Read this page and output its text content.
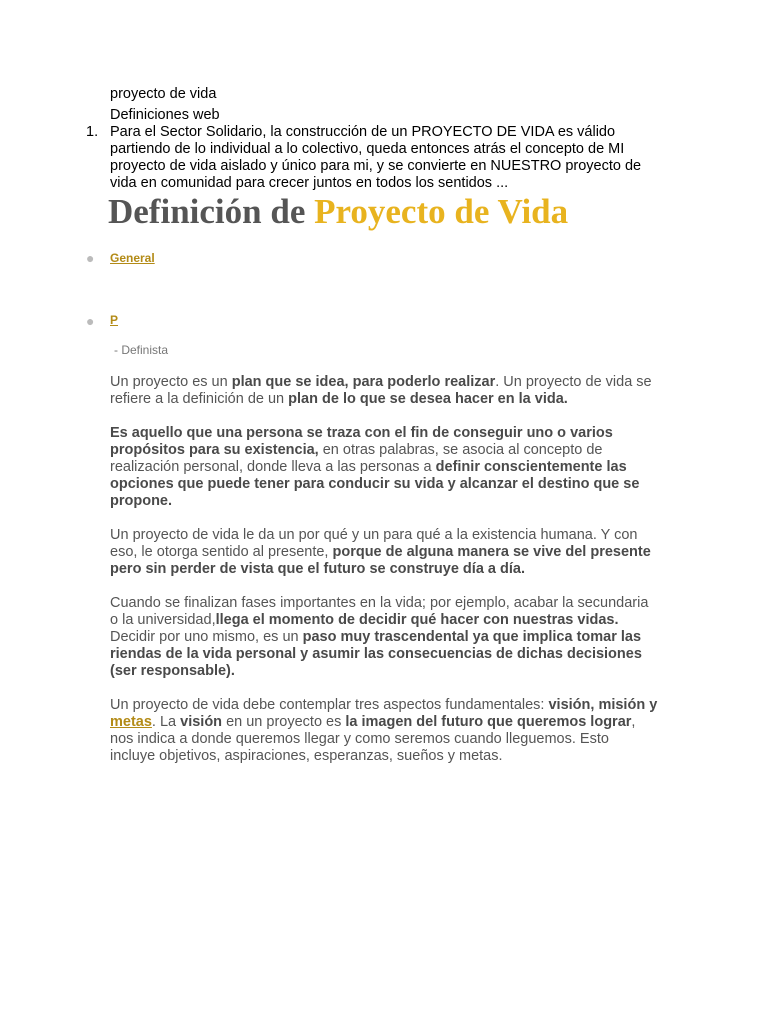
proyecto de vida

Definiciones web

1. Para el Sector Solidario, la construcción de un PROYECTO DE VIDA es válido partiendo de lo individual a lo colectivo, queda entonces atrás el concepto de MI proyecto de vida aislado y único para mi, y se convierte en NUESTRO proyecto de vida en comunidad para crecer juntos en todos los sentidos ...
Definición de Proyecto de Vida
● General
● P
- Definista

Un proyecto es un plan que se idea, para poderlo realizar. Un proyecto de vida se refiere a la definición de un plan de lo que se desea hacer en la vida.

Es aquello que una persona se traza con el fin de conseguir uno o varios propósitos para su existencia, en otras palabras, se asocia al concepto de realización personal, donde lleva a las personas a definir conscientemente las opciones que puede tener para conducir su vida y alcanzar el destino que se propone.

Un proyecto de vida le da un por qué y un para qué a la existencia humana. Y con eso, le otorga sentido al presente, porque de alguna manera se vive del presente pero sin perder de vista que el futuro se construye día a día.

Cuando se finalizan fases importantes en la vida; por ejemplo, acabar la secundaria o la universidad,llega el momento de decidir qué hacer con nuestras vidas. Decidir por uno mismo, es un paso muy trascendental ya que implica tomar las riendas de la vida personal y asumir las consecuencias de dichas decisiones (ser responsable).

Un proyecto de vida debe contemplar tres aspectos fundamentales: visión, misión y metas. La visión en un proyecto es la imagen del futuro que queremos lograr, nos indica a donde queremos llegar y como seremos cuando lleguemos. Esto incluye objetivos, aspiraciones, esperanzas, sueños y metas.
